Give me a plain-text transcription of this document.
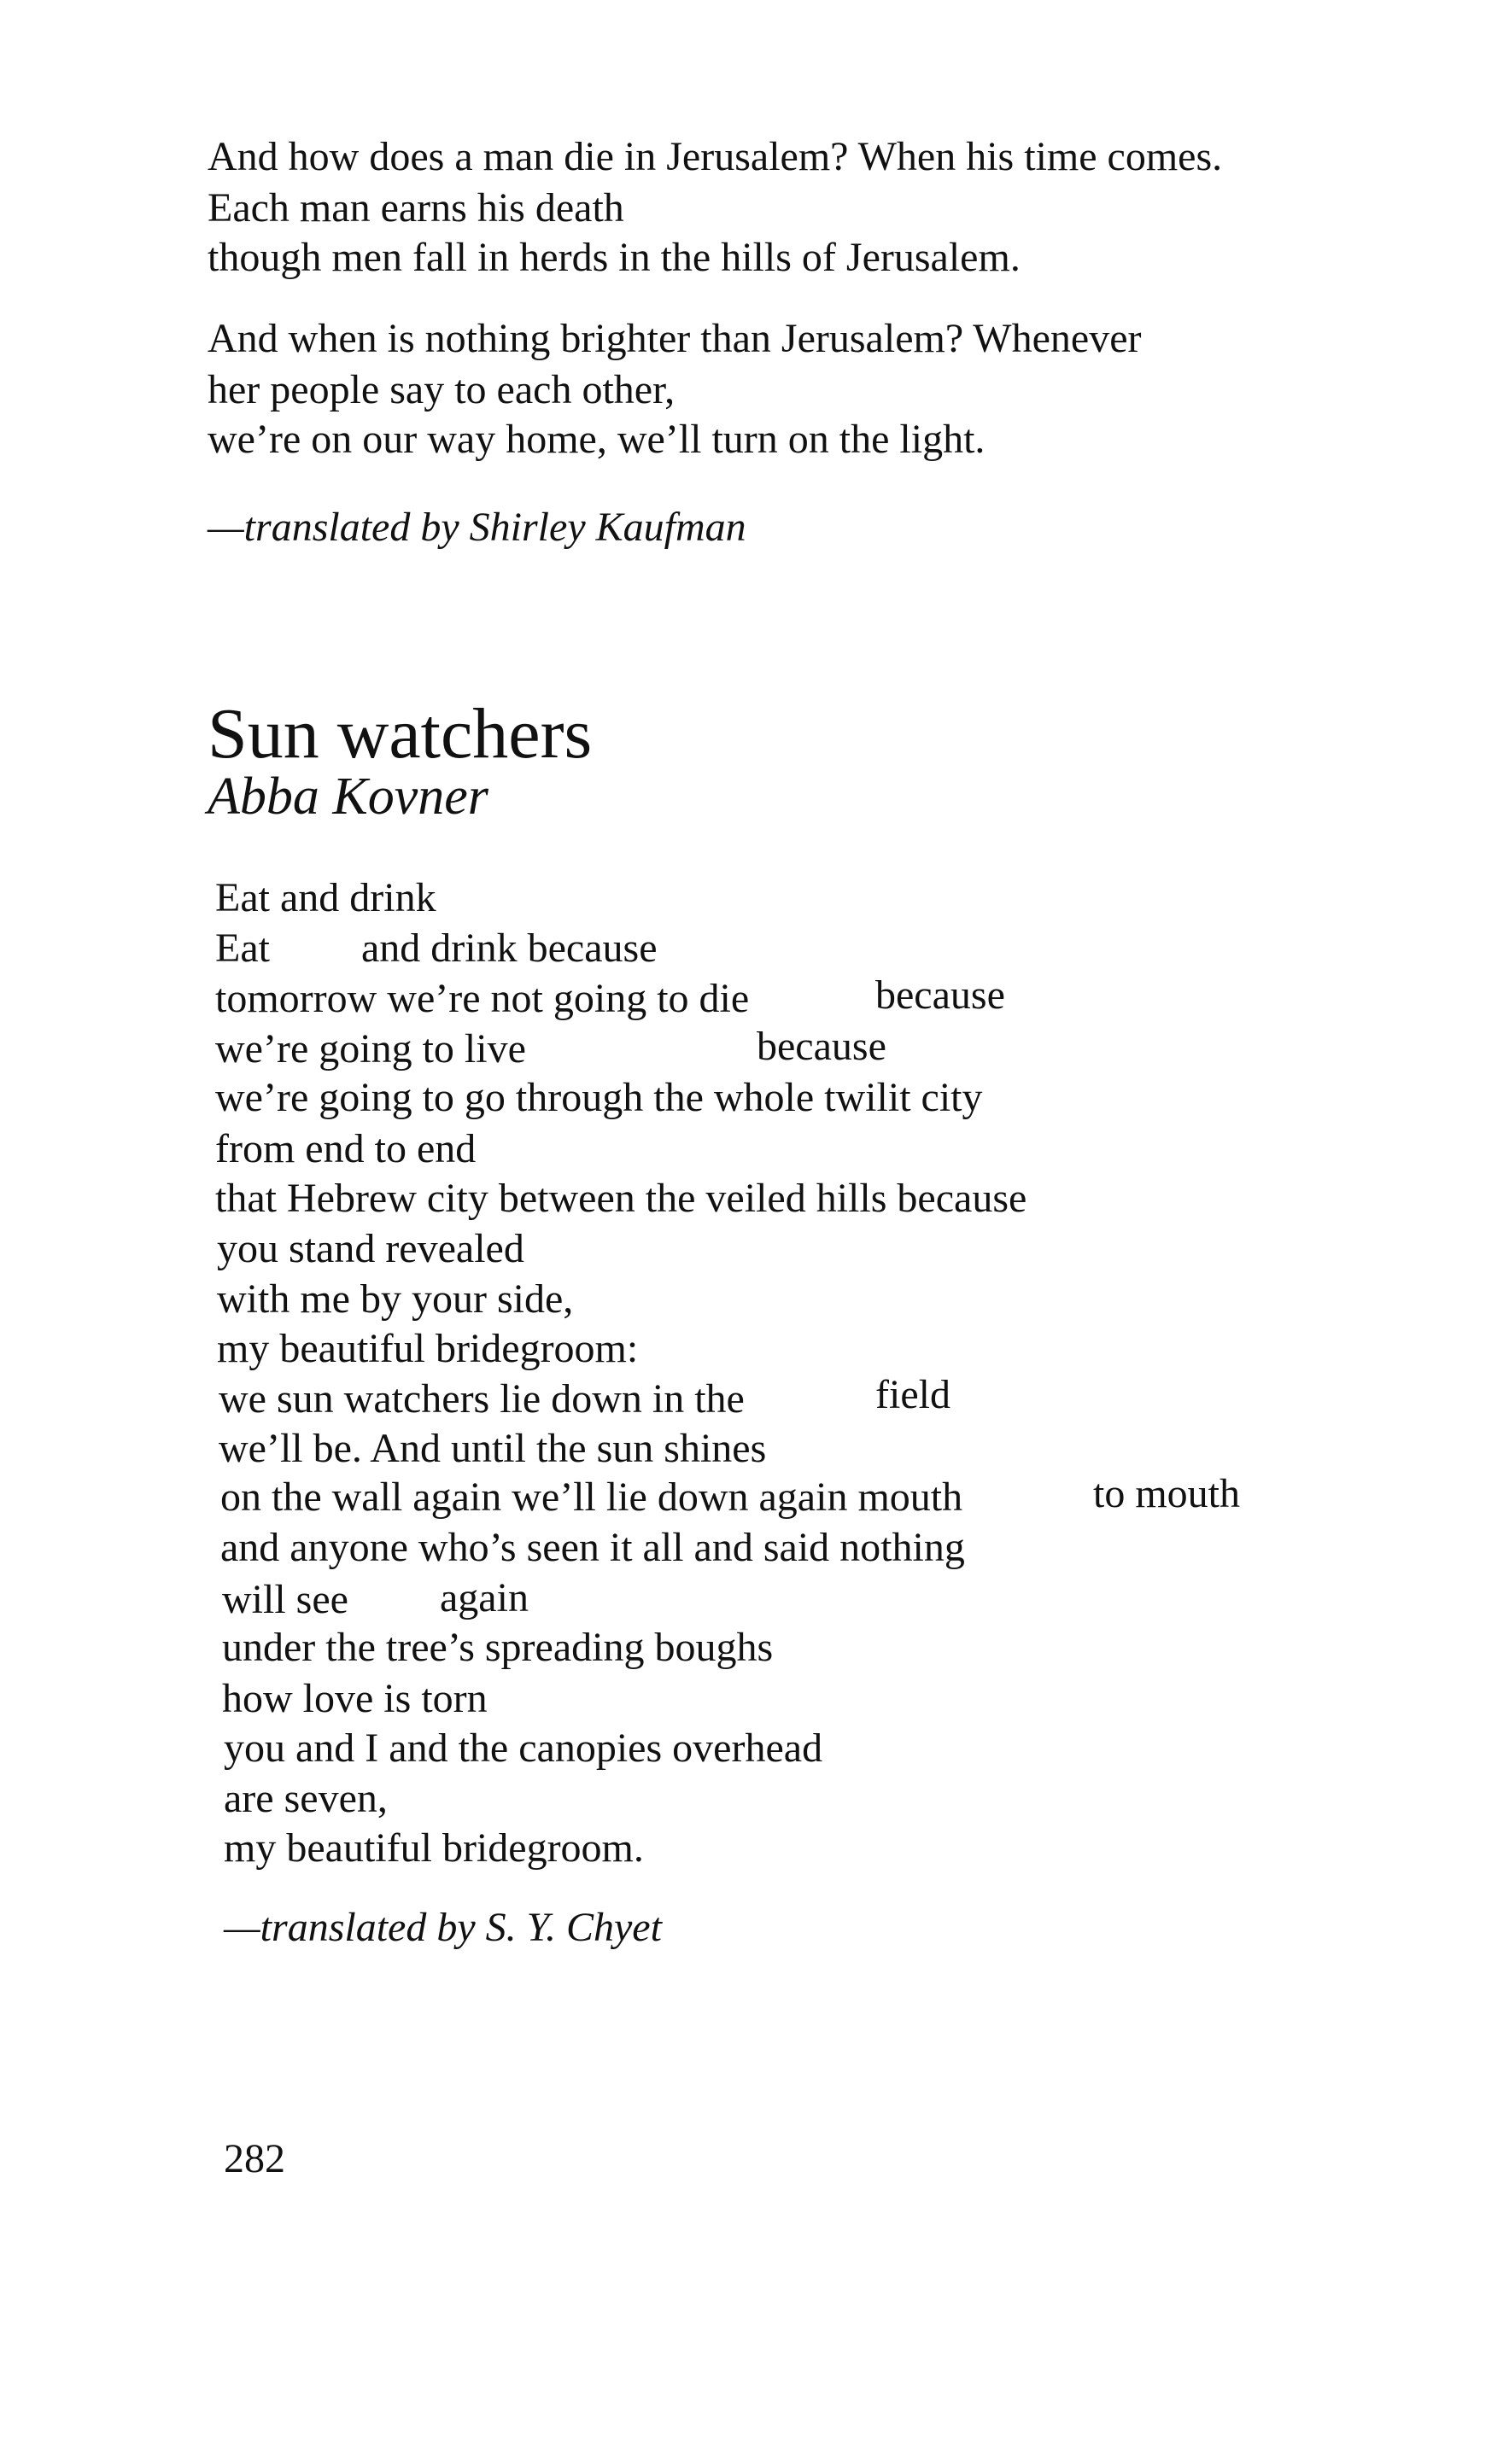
And how does a man die in Jerusalem? When his time comes.
Each man earns his death
though men fall in herds in the hills of Jerusalem.
And when is nothing brighter than Jerusalem? Whenever
her people say to each other,
we’re on our way home, we’ll turn on the light.
—translated by Shirley Kaufman
Sun watchers
Abba Kovner
Eat and drink
Eat and drink because
tomorrow we’re not going to die	because
we’re going to live	because
we’re going to go through the whole twilit city
from end to end
that Hebrew city between the veiled hills because
you stand revealed
with me by your side,
my beautiful bridegroom:
we sun watchers lie down in the	field
we’ll be. And until the sun shines
on the wall again we’ll lie down again mouth	to mouth
and anyone who’s seen it all and said nothing
will see again
under the tree’s spreading boughs
how love is torn
you and I and the canopies overhead
are seven,
my beautiful bridegroom.
—translated by S. Y. Chyet
282
